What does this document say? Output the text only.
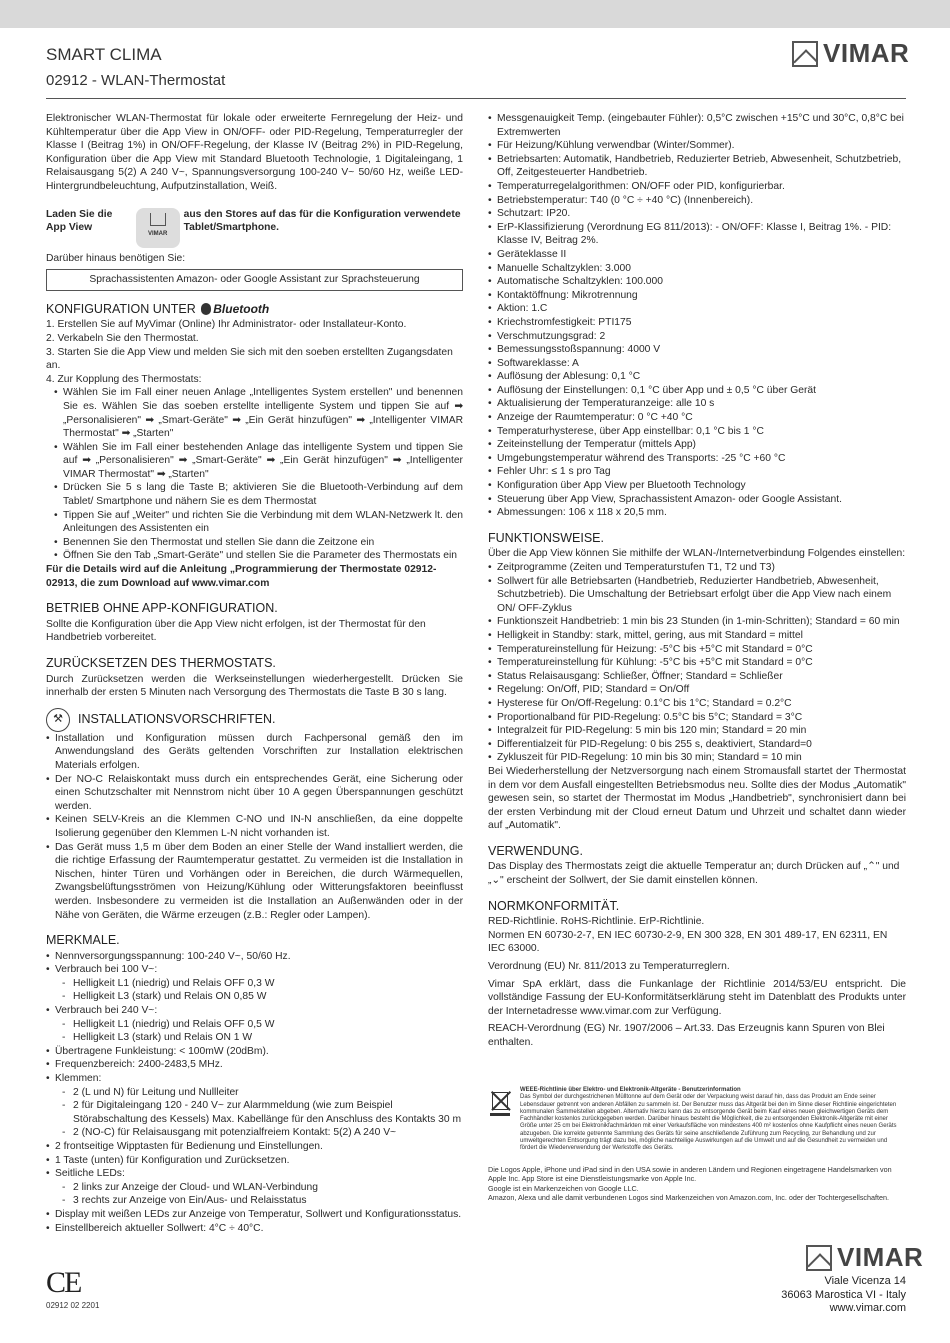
SMART CLIMA
02912 - WLAN-Thermostat
VIMAR

Elektronischer WLAN-Thermostat für lokale oder erweiterte Fernregelung der Heiz- und Kühltemperatur über die App View in ON/OFF- oder PID-Regelung, Temperaturregler der Klasse I (Beitrag 1%) in ON/OFF-Regelung, der Klasse IV (Beitrag 2%) in PID-Regelung, Konfiguration über die App View mit Standard Bluetooth Technologie, 1 Digitaleingang, 1 Relaisausgang 5(2) A 240 V~, Spannungsversorgung 100-240 V~ 50/60 Hz, weiße LED-Hintergrundbeleuchtung, Aufputzinstallation, Weiß.

Laden Sie die App View
VIMAR
aus den Stores auf das für die Konfiguration verwendete Tablet/Smartphone.

Darüber hinaus benötigen Sie:

Sprachassistenten Amazon- oder Google Assistant zur Sprachsteuerung
KONFIGURATION UNTER Bluetooth
1. Erstellen Sie auf MyVimar (Online) Ihr Administrator- oder Installateur-Konto.
2. Verkabeln Sie den Thermostat.
3. Starten Sie die App View und melden Sie sich mit den soeben erstellten Zugangsdaten an.
4. Zur Kopplung des Thermostats:
• Wählen Sie im Fall einer neuen Anlage „Intelligentes System erstellen" und benennen Sie es. Wählen Sie das soeben erstellte intelligente System und tippen Sie auf ➡ „Personalisieren" ➡ „Smart-Geräte" ➡ „Ein Gerät hinzufügen" ➡ „Intelligenter VIMAR Thermostat" ➡ „Starten"
• Wählen Sie im Fall einer bestehenden Anlage das intelligente System und tippen Sie auf ➡ „Personalisieren" ➡ „Smart-Geräte" ➡ „Ein Gerät hinzufügen" ➡ „Intelligenter VIMAR Thermostat" ➡ „Starten"
• Drücken Sie 5 s lang die Taste B; aktivieren Sie die Bluetooth-Verbindung auf dem Tablet/ Smartphone und nähern Sie es dem Thermostat
• Tippen Sie auf „Weiter" und richten Sie die Verbindung mit dem WLAN-Netzwerk lt. den Anleitungen des Assistenten ein
• Benennen Sie den Thermostat und stellen Sie dann die Zeitzone ein
• Öffnen Sie den Tab „Smart-Geräte" und stellen Sie die Parameter des Thermostats ein

Für die Details wird auf die Anleitung „Programmierung der Thermostate 02912-02913, die zum Download auf www.vimar.com

BETRIEB OHNE APP-KONFIGURATION.

Sollte die Konfiguration über die App View nicht erfolgen, ist der Thermostat für den Handbetrieb vorbereitet.

ZURÜCKSETZEN DES THERMOSTATS.

Durch Zurücksetzen werden die Werkseinstellungen wiederhergestellt. Drücken Sie innerhalb der ersten 5 Minuten nach Versorgung des Thermostats die Taste B 30 s lang.

⚒	INSTALLATIONSVORSCHRIFTEN.
• Installation und Konfiguration müssen durch Fachpersonal gemäß den im Anwendungsland des Geräts geltenden Vorschriften zur Installation elektrischen Materials erfolgen.
• Der NO-C Relaiskontakt muss durch ein entsprechendes Gerät, eine Sicherung oder einen Schutzschalter mit Nennstrom nicht über 10 A gegen Überspannungen geschützt werden.
• Keinen SELV-Kreis an die Klemmen C-NO und IN-N anschließen, da eine doppelte Isolierung gegenüber den Klemmen L-N nicht vorhanden ist.
• Das Gerät muss 1,5 m über dem Boden an einer Stelle der Wand installiert werden, die die richtige Erfassung der Raumtemperatur gestattet. Zu vermeiden ist die Installation in Nischen, hinter Türen und Vorhängen oder in Bereichen, die durch Wärmequellen, Zwangsbelüftungsströmen von Heizung/Kühlung oder Witterungsfaktoren beeinflusst werden. Insbesondere zu vermeiden ist die Installation an Außenwänden oder in der Nähe von Geräten, die Wärme erzeugen (z.B.: Regler oder Lampen).
MERKMALE.
• Nennversorgungsspannung: 100-240 V~, 50/60 Hz.
• Verbrauch bei 100 V~:
- Helligkeit L1 (niedrig) und Relais OFF 0,3 W
- Helligkeit L3 (stark) und Relais ON 0,85 W
• Verbrauch bei 240 V~:
- Helligkeit L1 (niedrig) und Relais OFF 0,5 W
- Helligkeit L3 (stark) und Relais ON 1 W
• Übertragene Funkleistung: < 100mW (20dBm).
• Frequenzbereich: 2400-2483,5 MHz.
• Klemmen:
- 2 (L und N) für Leitung und Nullleiter
- 2 für Digitaleingang 120 - 240 V~ zur Alarmmeldung (wie zum Beispiel Störabschaltung des Kessels) Max. Kabellänge für den Anschluss des Kontakts 30 m
- 2 (NO-C) für Relaisausgang mit potenzialfreiem Kontakt: 5(2) A 240 V~
• 2 frontseitige Wipptasten für Bedienung und Einstellungen.
• 1 Taste (unten) für Konfiguration und Zurücksetzen.
• Seitliche LEDs:
- 2 links zur Anzeige der Cloud- und WLAN-Verbindung
- 3 rechts zur Anzeige von Ein/Aus- und Relaisstatus
• Display mit weißen LEDs zur Anzeige von Temperatur, Sollwert und Konfigurationsstatus.
• Einstellbereich aktueller Sollwert: 4°C ÷ 40°C.
• Messgenauigkeit Temp. (eingebauter Fühler): 0,5°C zwischen +15°C und 30°C, 0,8°C bei Extremwerten
• Für Heizung/Kühlung verwendbar (Winter/Sommer).
• Betriebsarten: Automatik, Handbetrieb, Reduzierter Betrieb, Abwesenheit, Schutzbetrieb, Off, Zeitgesteuerter Handbetrieb.
• Temperaturregelalgorithmen: ON/OFF oder PID, konfigurierbar.
• Betriebstemperatur: T40 (0 °C ÷ +40 °C) (Innenbereich).
• Schutzart: IP20.
• ErP-Klassifizierung (Verordnung EG 811/2013): - ON/OFF: Klasse I, Beitrag 1%. - PID: Klasse IV, Beitrag 2%.
• Geräteklasse II
• Manuelle Schaltzyklen: 3.000
• Automatische Schaltzyklen: 100.000
• Kontaktöffnung: Mikrotrennung
• Aktion: 1.C
• Kriechstromfestigkeit: PTI175
• Verschmutzungsgrad: 2
• Bemessungsstoßspannung: 4000 V
• Softwareklasse: A
• Auflösung der Ablesung: 0,1 °C
• Auflösung der Einstellungen: 0,1 °C über App und ± 0,5 °C über Gerät
• Aktualisierung der Temperaturanzeige: alle 10 s
• Anzeige der Raumtemperatur: 0 °C +40 °C
• Temperaturhysterese, über App einstellbar: 0,1 °C bis 1 °C
• Zeiteinstellung der Temperatur (mittels App)
• Umgebungstemperatur während des Transports: -25 °C +60 °C
• Fehler Uhr: ≤ 1 s pro Tag
• Konfiguration über App View per Bluetooth Technology
• Steuerung über App View, Sprachassistent Amazon- oder Google Assistant.
• Abmessungen: 106 x 118 x 20,5 mm.
FUNKTIONSWEISE.

Über die App View können Sie mithilfe der WLAN-/Internetverbindung Folgendes einstellen:

• Zeitprogramme (Zeiten und Temperaturstufen T1, T2 und T3)
• Sollwert für alle Betriebsarten (Handbetrieb, Reduzierter Handbetrieb, Abwesenheit, Schutzbetrieb). Die Umschaltung der Betriebsart erfolgt über die App View nach einem ON/ OFF-Zyklus
• Funktionszeit Handbetrieb: 1 min bis 23 Stunden (in 1-min-Schritten); Standard = 60 min
• Helligkeit in Standby: stark, mittel, gering, aus mit Standard = mittel
• Temperatureinstellung für Heizung: -5°C bis +5°C mit Standard = 0°C
• Temperatureinstellung für Kühlung: -5°C bis +5°C mit Standard = 0°C
• Status Relaisausgang: Schließer, Öffner; Standard = Schließer
• Regelung: On/Off, PID; Standard = On/Off
• Hysterese für On/Off-Regelung: 0.1°C bis 1°C; Standard = 0.2°C
• Proportionalband für PID-Regelung: 0.5°C bis 5°C; Standard = 3°C
• Integralzeit für PID-Regelung: 5 min bis 120 min; Standard = 20 min
• Differentialzeit für PID-Regelung: 0 bis 255 s, deaktiviert, Standard=0
• Zykluszeit für PID-Regelung: 10 min bis 30 min; Standard = 10 min

Bei Wiederherstellung der Netzversorgung nach einem Stromausfall startet der Thermostat in dem vor dem Ausfall eingestellten Betriebsmodus neu. Sollte dies der Modus „Automatik" gewesen sein, so startet der Thermostat im Modus „Handbetrieb", synchronisiert dann bei der ersten Verbindung mit der Cloud erneut Datum und Uhrzeit und schaltet dann wieder auf „Automatik".

VERWENDUNG.

Das Display des Thermostats zeigt die aktuelle Temperatur an; durch Drücken auf „⌃" und „⌄" erscheint der Sollwert, der Sie damit einstellen können.

NORMKONFORMITÄT.

RED-Richtlinie. RoHS-Richtlinie. ErP-Richtlinie.

Normen EN 60730-2-7, EN IEC 60730-2-9, EN 300 328, EN 301 489-17, EN 62311, EN IEC 63000.

Verordnung (EU) Nr. 811/2013 zu Temperaturreglern.

Vimar SpA erklärt, dass die Funkanlage der Richtlinie 2014/53/EU entspricht. Die vollständige Fassung der EU-Konformitätserklärung steht im Datenblatt des Produkts unter der Internetadresse www.vimar.com zur Verfügung.

REACH-Verordnung (EG) Nr. 1907/2006 – Art.33. Das Erzeugnis kann Spuren von Blei enthalten.

WEEE-Richtlinie über Elektro- und Elektronik-Altgeräte - Benutzerinformation
Das Symbol der durchgestrichenen Mülltonne auf dem Gerät oder der Verpackung weist darauf hin, dass das Produkt am Ende seiner Lebensdauer getrennt von anderen Abfällen zu sammeln ist. Der Benutzer muss das Altgerät bei den im Sinne dieser Richtlinie eingerichteten kommunalen Sammelstellen abgeben. Alternativ hierzu kann das zu entsorgende Gerät beim Kauf eines neuen gleichwertigen Geräts dem Fachhändler kostenlos zurückgegeben werden. Darüber hinaus besteht die Möglichkeit, die zu entsorgenden Elektronik-Altgeräte mit einer Größe unter 25 cm bei Elektronikfachmärkten mit einer Verkaufsfläche von mindestens 400 m² kostenlos ohne Kaufpflicht eines neuen Geräts abzugeben. Die korrekte getrennte Sammlung des Geräts für seine anschließende Zuführung zum Recycling, zur Behandlung und zur umweltgerechten Entsorgung trägt dazu bei, mögliche nachteilige Auswirkungen auf die Umwelt und auf die Gesundheit zu vermeiden und fördert die Wiederverwendung der Werkstoffe des Geräts.

Die Logos Apple, iPhone und iPad sind in den USA sowie in anderen Ländern und Regionen eingetragene Handelsmarken von Apple Inc. App Store ist eine Dienstleistungsmarke von Apple Inc.

Google ist ein Markenzeichen von Google LLC.

Amazon, Alexa und alle damit verbundenen Logos sind Markenzeichen von Amazon.com, Inc. oder der Tochtergesellschaften.

CE
02912 02 2201
VIMAR
Viale Vicenza 14
36063 Marostica VI - Italy
www.vimar.com
